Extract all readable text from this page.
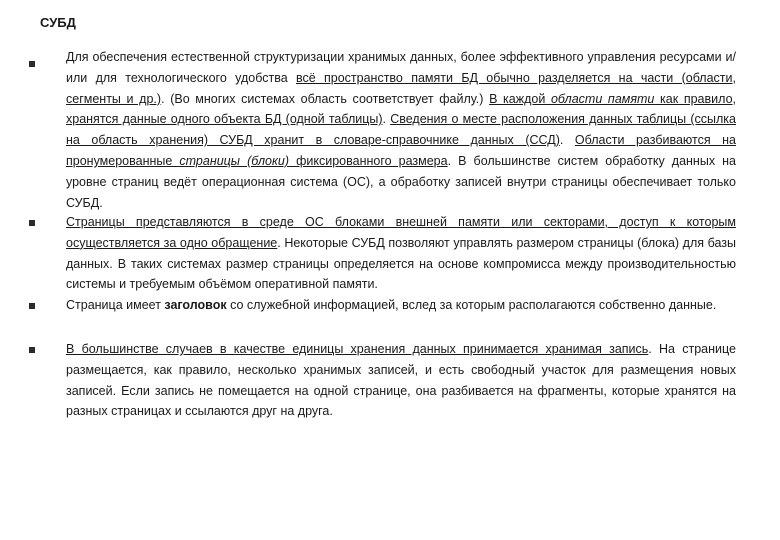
СУБД

Для обеспечения естественной структуризации хранимых данных, более эффективного управления ресурсами и/или для технологического удобства всё пространство памяти БД обычно разделяется на части (области, сегменты и др.). (Во многих системах область соответствует файлу.) В каждой области памяти как правило, хранятся данные одного объекта БД (одной таблицы). Сведения о месте расположения данных таблицы (ссылка на область хранения) СУБД хранит в словаре-справочнике данных (ССД). Области разбиваются на пронумерованные страницы (блоки) фиксированного размера. В большинстве систем обработку данных на уровне страниц ведёт операционная система (ОС), а обработку записей внутри страницы обеспечивает только СУБД.

Страницы представляются в среде ОС блоками внешней памяти или секторами, доступ к которым осуществляется за одно обращение. Некоторые СУБД позволяют управлять размером страницы (блока) для базы данных. В таких системах размер страницы определяется на основе компромисса между производительностью системы и требуемым объёмом оперативной памяти.

Страница имеет заголовок со служебной информацией, вслед за которым располагаются собственно данные.

В большинстве случаев в качестве единицы хранения данных принимается хранимая запись. На странице размещается, как правило, несколько хранимых записей, и есть свободный участок для размещения новых записей. Если запись не помещается на одной странице, она разбивается на фрагменты, которые хранятся на разных страницах и ссылаются друг на друга.
